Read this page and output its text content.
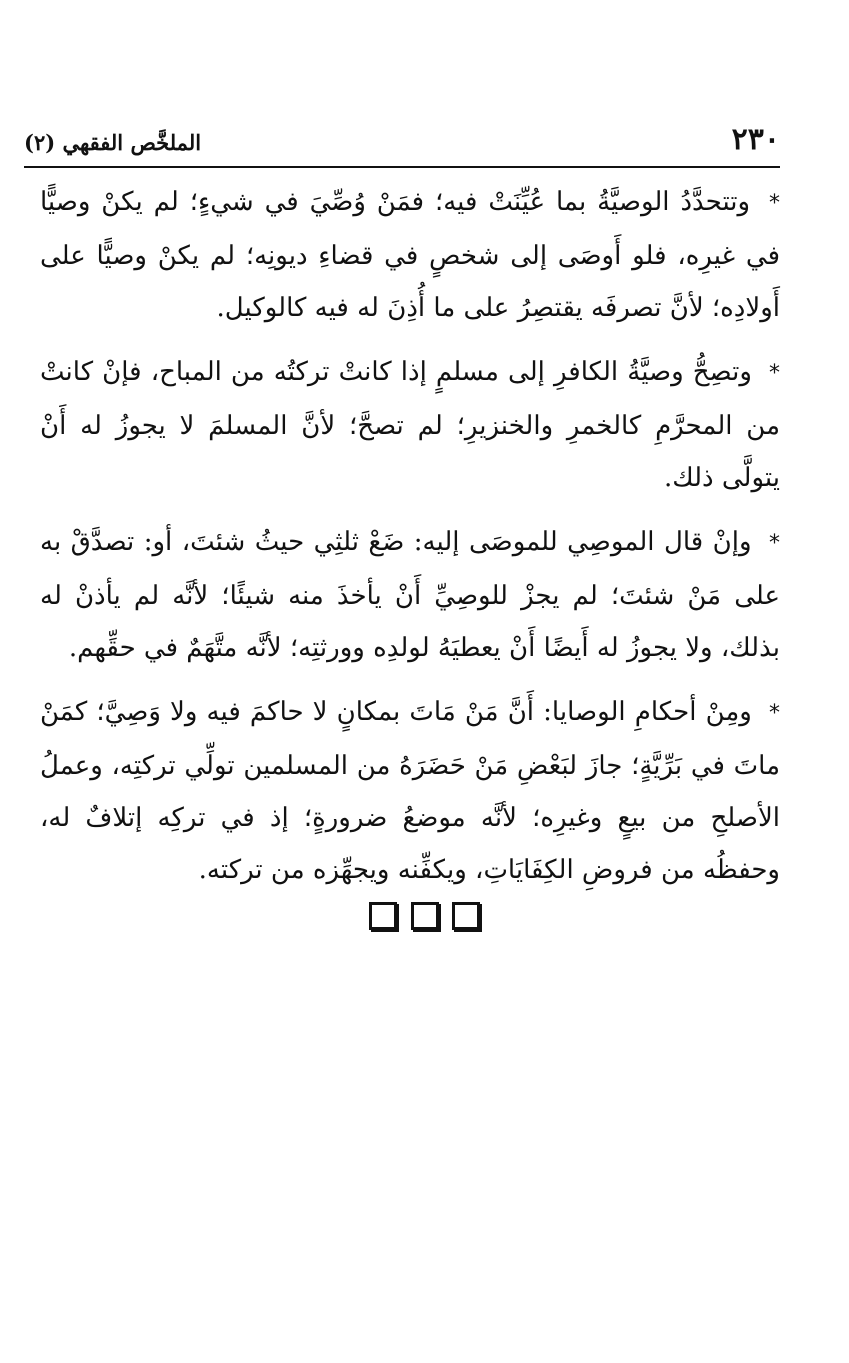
٢٣٠
الملخَّص الفقهي (٢)

* وتتحدَّدُ الوصيَّةُ بما عُيِّنَتْ فيه؛ فمَنْ وُصِّيَ في شيءٍ؛ لم يكنْ وصيًّا في غيرِه، فلو أَوصَى إلى شخصٍ في قضاءِ ديونِه؛ لم يكنْ وصيًّا على أَولادِه؛ لأنَّ تصرفَه يقتصِرُ على ما أُذِنَ له فيه كالوكيل.

* وتصِحُّ وصيَّةُ الكافرِ إلى مسلمٍ إذا كانتْ تركتُه من المباح، فإنْ كانتْ من المحرَّمِ كالخمرِ والخنزيرِ؛ لم تصحَّ؛ لأنَّ المسلمَ لا يجوزُ له أَنْ يتولَّى ذلك.

* وإنْ قال الموصِي للموصَى إليه: ضَعْ ثلثِي حيثُ شئتَ، أو: تصدَّقْ به على مَنْ شئتَ؛ لم يجزْ للوصِيِّ أَنْ يأخذَ منه شيئًا؛ لأنَّه لم يأذنْ له بذلك، ولا يجوزُ له أَيضًا أَنْ يعطيَهُ لولدِه وورثتِه؛ لأنَّه متَّهَمٌ في حقِّهم.

* ومِنْ أحكامِ الوصايا: أَنَّ مَنْ مَاتَ بمكانٍ لا حاكمَ فيه ولا وَصِيَّ؛ كمَنْ ماتَ في بَرِّيَّةٍ؛ جازَ لبَعْضِ مَنْ حَضَرَهُ من المسلمين تولِّي تركتِه، وعملُ الأصلحِ من بيعٍ وغيرِه؛ لأنَّه موضعُ ضرورةٍ؛ إذ في تركِه إتلافٌ له، وحفظُه من فروضِ الكِفَايَاتِ، ويكفِّنه ويجهِّزه من تركته.
